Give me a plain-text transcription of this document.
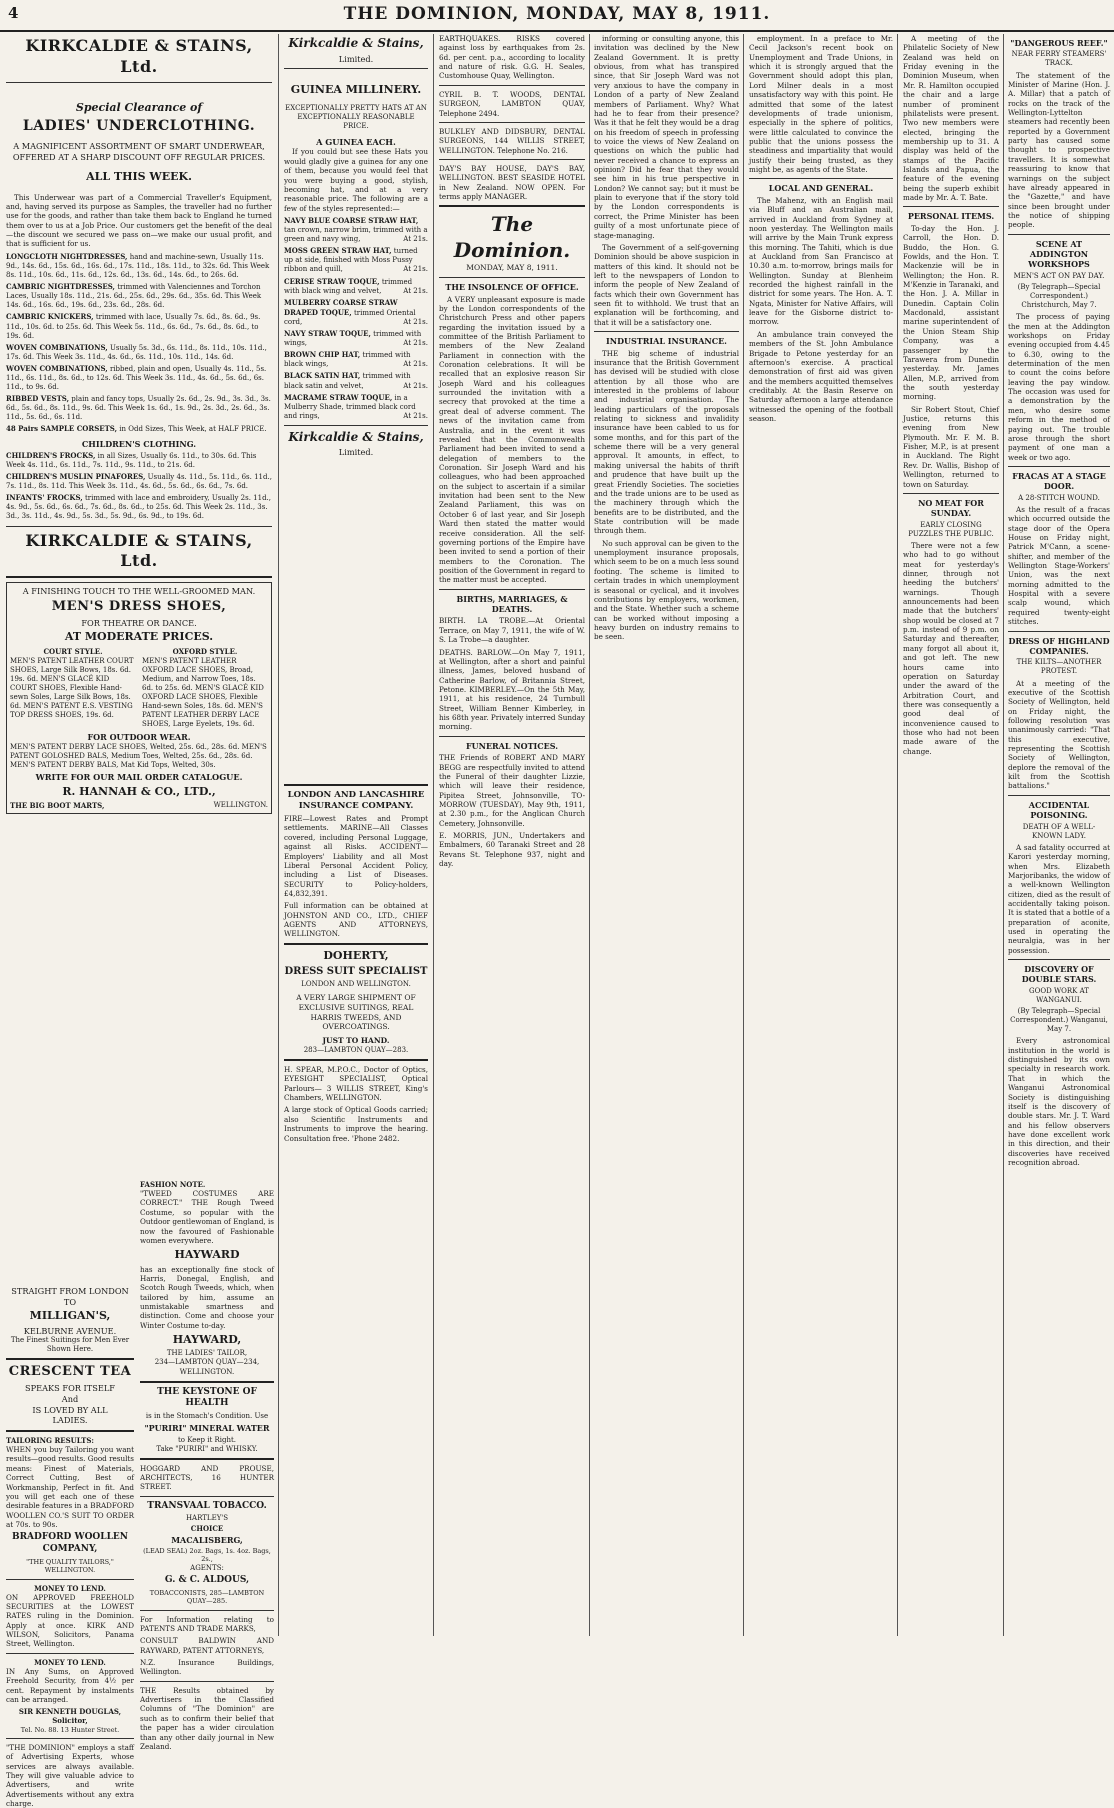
4	THE DOMINION, MONDAY, MAY 8, 1911.
KIRKCALDIE & STAINS, Ltd.
Special Clearance of
LADIES' UNDERCLOTHING.
A MAGNIFICENT ASSORTMENT OF SMART UNDERWEAR, OFFERED AT A SHARP DISCOUNT OFF REGULAR PRICES.
ALL THIS WEEK.

This Underwear was part of a Commercial Traveller's Equipment, and, having served its purpose as Samples, the traveller had no further use for the goods, and rather than take them back to England he turned them over to us at a Job Price. Our customers get the benefit of the deal—the discount we secured we pass on—we make our usual profit, and that is sufficient for us.

LONGCLOTH NIGHTDRESSES, hand and machine-sewn, Usually 11s. 9d., 14s. 6d., 15s. 6d., 16s. 6d., 17s. 11d., 18s. 11d., to 32s. 6d. This Week 8s. 11d., 10s. 6d., 11s. 6d., 12s. 6d., 13s. 6d., 14s. 6d., to 26s. 6d.
CAMBRIC NIGHTDRESSES, trimmed with Valenciennes and Torchon Laces, Usually 18s. 11d., 21s. 6d., 25s. 6d., 29s. 6d., 35s. 6d. This Week 14s. 6d., 16s. 6d., 19s. 6d., 23s. 6d., 28s. 6d.
CAMBRIC KNICKERS, trimmed with lace, Usually 7s. 6d., 8s. 6d., 9s. 11d., 10s. 6d. to 25s. 6d. This Week 5s. 11d., 6s. 6d., 7s. 6d., 8s. 6d., to 19s. 6d.
WOVEN COMBINATIONS, Usually 5s. 3d., 6s. 11d., 8s. 11d., 10s. 11d., 17s. 6d. This Week 3s. 11d., 4s. 6d., 6s. 11d., 10s. 11d., 14s. 6d.
WOVEN COMBINATIONS, ribbed, plain and open, Usually 4s. 11d., 5s. 11d., 6s. 11d., 8s. 6d., to 12s. 6d. This Week 3s. 11d., 4s. 6d., 5s. 6d., 6s. 11d., to 9s. 6d.
RIBBED VESTS, plain and fancy tops, Usually 2s. 6d., 2s. 9d., 3s. 3d., 3s. 6d., 5s. 6d., 8s. 11d., 9s. 6d. This Week 1s. 6d., 1s. 9d., 2s. 3d., 2s. 6d., 3s. 11d., 5s. 6d., 6s. 11d.
48 Pairs SAMPLE CORSETS, in Odd Sizes, This Week, at HALF PRICE.
CHILDREN'S CLOTHING.
CHILDREN'S FROCKS, in all Sizes, Usually 6s. 11d., to 30s. 6d. This Week 4s. 11d., 6s. 11d., 7s. 11d., 9s. 11d., to 21s. 6d.
CHILDREN'S MUSLIN PINAFORES, Usually 4s. 11d., 5s. 11d., 6s. 11d., 7s. 11d., 8s. 11d. This Week 3s. 11d., 4s. 6d., 5s. 6d., 6s. 6d., 7s. 6d.
INFANTS' FROCKS, trimmed with lace and embroidery, Usually 2s. 11d., 4s. 9d., 5s. 6d., 6s. 6d., 7s. 6d., 8s. 6d., to 25s. 6d. This Week 2s. 11d., 3s. 3d., 3s. 11d., 4s. 9d., 5s. 3d., 5s. 9d., 6s. 9d., to 19s. 6d.
KIRKCALDIE & STAINS, Ltd.
A FINISHING TOUCH TO THE WELL-GROOMED MAN.
MEN'S DRESS SHOES,
FOR THEATRE OR DANCE.
AT MODERATE PRICES.
COURT STYLE.
MEN'S PATENT LEATHER COURT SHOES, Large Silk Bows, 18s. 6d. 19s. 6d. MEN'S GLACÉ KID COURT SHOES, Flexible Hand-sewn Soles, Large Silk Bows, 18s. 6d. MEN'S PATENT E.S. VESTING TOP DRESS SHOES, 19s. 6d.
OXFORD STYLE.
MEN'S PATENT LEATHER OXFORD LACE SHOES, Broad, Medium, and Narrow Toes, 18s. 6d. to 25s. 6d. MEN'S GLACÉ KID OXFORD LACE SHOES, Flexible Hand-sewn Soles, 18s. 6d. MEN'S PATENT LEATHER DERBY LACE SHOES, Large Eyelets, 19s. 6d.
FOR OUTDOOR WEAR.
MEN'S PATENT DERBY LACE SHOES, Welted, 25s. 6d., 28s. 6d. MEN'S PATENT GOLOSHED BALS, Medium Toes, Welted, 25s. 6d., 28s. 6d. MEN'S PATENT DERBY BALS, Mat Kid Tops, Welted, 30s.
WRITE FOR OUR MAIL ORDER CATALOGUE.
R. HANNAH & CO., LTD.,
THE BIG BOOT MARTS,	WELLINGTON.
STRAIGHT FROM LONDON
TO
MILLIGAN'S,
KELBURNE AVENUE.
The Finest Suitings for Men Ever Shown Here.
CRESCENT TEA
SPEAKS FOR ITSELF
And
IS LOVED BY ALL
LADIES.
TAILORING RESULTS:

WHEN you buy Tailoring you want results—good results. Good results means: Finest of Materials, Correct Cutting, Best of Workmanship, Perfect in fit. And you will get each one of these desirable features in a BRADFORD WOOLLEN CO.'S SUIT TO ORDER at 70s. to 90s.

BRADFORD WOOLLEN COMPANY,
"THE QUALITY TAILORS," WELLINGTON.
MONEY TO LEND.

ON APPROVED FREEHOLD SECURITIES at the LOWEST RATES ruling in the Dominion. Apply at once. KIRK AND WILSON, Solicitors, Panama Street, Wellington.

MONEY TO LEND.

IN Any Sums, on Approved Freehold Security, from 4½ per cent. Repayment by instalments can be arranged.

SIR KENNETH DOUGLAS, Solicitor,
Tel. No. 88. 13 Hunter Street.

"THE DOMINION" employs a staff of Advertising Experts, whose services are always available. They will give valuable advice to Advertisers, and write Advertisements without any extra charge.

FASHION NOTE.

"TWEED COSTUMES ARE CORRECT." THE Rough Tweed Costume, so popular with the Outdoor gentlewoman of England, is now the favoured of Fashionable women everywhere.

HAYWARD

has an exceptionally fine stock of Harris, Donegal, English, and Scotch Rough Tweeds, which, when tailored by him, assume an unmistakable smartness and distinction. Come and choose your Winter Costume to-day.

HAYWARD,
THE LADIES' TAILOR,
234—LAMBTON QUAY—234, WELLINGTON.
THE KEYSTONE OF HEALTH
is in the Stomach's Condition. Use
"PURIRI" MINERAL WATER
to Keep it Right.
Take "PURIRI" and WHISKY.

HOGGARD AND PROUSE, ARCHITECTS, 16 HUNTER STREET.

TRANSVAAL TOBACCO.
HARTLEY'S
CHOICE
MACALISBERG,
(LEAD SEAL) 2oz. Bags, 1s. 4oz. Bags, 2s.,
AGENTS:
G. & C. ALDOUS,
TOBACCONISTS, 285—LAMBTON QUAY—285.

For Information relating to PATENTS AND TRADE MARKS,

CONSULT BALDWIN AND RAYWARD, PATENT ATTORNEYS,

N.Z. Insurance Buildings, Wellington.

THE Results obtained by Advertisers in the Classified Columns of "The Dominion" are such as to confirm their belief that the paper has a wider circulation than any other daily journal in New Zealand.

Kirkcaldie & Stains,
Limited.
GUINEA MILLINERY.
EXCEPTIONALLY PRETTY HATS AT AN EXCEPTIONALLY REASONABLE PRICE.
A GUINEA EACH.

If you could but see these Hats you would gladly give a guinea for any one of them, because you would feel that you were buying a good, stylish, becoming hat, and at a very reasonable price. The following are a few of the styles represented:—

NAVY BLUE COARSE STRAW HAT, tan crown, narrow brim, trimmed with a green and navy wing,	At 21s.
MOSS GREEN STRAW HAT, turned up at side, finished with Moss Pussy ribbon and quill,	At 21s.
CERISE STRAW TOQUE, trimmed with black wing and velvet,	At 21s.
MULBERRY COARSE STRAW DRAPED TOQUE, trimmed Oriental cord,	At 21s.
NAVY STRAW TOQUE, trimmed with wings,	At 21s.
BROWN CHIP HAT, trimmed with black wings,	At 21s.
BLACK SATIN HAT, trimmed with black satin and velvet,	At 21s.
MACRAME STRAW TOQUE, in a Mulberry Shade, trimmed black cord and rings,	At 21s.
Kirkcaldie & Stains,
Limited.
LONDON AND LANCASHIRE INSURANCE COMPANY.

FIRE—Lowest Rates and Prompt settlements. MARINE—All Classes covered, including Personal Luggage, against all Risks. ACCIDENT—Employers' Liability and all Most Liberal Personal Accident Policy, including a List of Diseases. SECURITY to Policy-holders, £4,832,391.

Full information can be obtained at JOHNSTON AND CO., LTD., CHIEF AGENTS AND ATTORNEYS, WELLINGTON.

DOHERTY,
DRESS SUIT SPECIALIST
LONDON AND WELLINGTON.
A VERY LARGE SHIPMENT OF EXCLUSIVE SUITINGS, REAL HARRIS TWEEDS, AND OVERCOATINGS.
JUST TO HAND.
283—LAMBTON QUAY—283.

H. SPEAR, M.P.O.C., Doctor of Optics, EYESIGHT SPECIALIST, Optical Parlours— 3 WILLIS STREET, King's Chambers, WELLINGTON.

A large stock of Optical Goods carried; also Scientific Instruments and Instruments to improve the hearing. Consultation free. 'Phone 2482.

EARTHQUAKES. RISKS covered against loss by earthquakes from 2s. 6d. per cent. p.a., according to locality and nature of risk. G.G. H. Seales, Customhouse Quay, Wellington.

CYRIL B. T. WOODS, DENTAL SURGEON, LAMBTON QUAY, Telephone 2494.

BULKLEY AND DIDSBURY, DENTAL SURGEONS, 144 WILLIS STREET, WELLINGTON. Telephone No. 216.

DAY'S BAY HOUSE, DAY'S BAY, WELLINGTON. BEST SEASIDE HOTEL in New Zealand. NOW OPEN. For terms apply MANAGER.

The Dominion.
MONDAY, MAY 8, 1911.
THE INSOLENCE OF OFFICE.

A VERY unpleasant exposure is made by the London correspondents of the Christchurch Press and other papers regarding the invitation issued by a committee of the British Parliament to members of the New Zealand Parliament in connection with the Coronation celebrations. It will be recalled that an explosive reason Sir Joseph Ward and his colleagues surrounded the invitation with a secrecy that provoked at the time a great deal of adverse comment. The news of the invitation came from Australia, and in the event it was revealed that the Commonwealth Parliament had been invited to send a delegation of members to the Coronation. Sir Joseph Ward and his colleagues, who had been approached on the subject to ascertain if a similar invitation had been sent to the New Zealand Parliament, this was on October 6 of last year, and Sir Joseph Ward then stated the matter would receive consideration. All the self-governing portions of the Empire have been invited to send a portion of their members to the Coronation. The position of the Government in regard to the matter must be accepted.

BIRTHS, MARRIAGES, & DEATHS.

BIRTH. LA TROBE.—At Oriental Terrace, on May 7, 1911, the wife of W. S. La Trobe—a daughter.

DEATHS. BARLOW.—On May 7, 1911, at Wellington, after a short and painful illness, James, beloved husband of Catherine Barlow, of Britannia Street, Petone. KIMBERLEY.—On the 5th May, 1911, at his residence, 24 Turnbull Street, William Benner Kimberley, in his 68th year. Privately interred Sunday morning.

FUNERAL NOTICES.

THE Friends of ROBERT AND MARY BEGG are respectfully invited to attend the Funeral of their daughter Lizzie, which will leave their residence, Pipitea Street, Johnsonville, TO-MORROW (TUESDAY), May 9th, 1911, at 2.30 p.m., for the Anglican Church Cemetery, Johnsonville.

E. MORRIS, JUN., Undertakers and Embalmers, 60 Taranaki Street and 28 Revans St. Telephone 937, night and day.

informing or consulting anyone, this invitation was declined by the New Zealand Government. It is pretty obvious, from what has transpired since, that Sir Joseph Ward was not very anxious to have the company in London of a party of New Zealand members of Parliament. Why? What had he to fear from their presence? Was it that he felt they would be a drag on his freedom of speech in professing to voice the views of New Zealand on questions on which the public had never received a chance to express an opinion? Did he fear that they would see him in his true perspective in London? We cannot say; but it must be plain to everyone that if the story told by the London correspondents is correct, the Prime Minister has been guilty of a most unfortunate piece of stage-managing.

The Government of a self-governing Dominion should be above suspicion in matters of this kind. It should not be left to the newspapers of London to inform the people of New Zealand of facts which their own Government has seen fit to withhold. We trust that an explanation will be forthcoming, and that it will be a satisfactory one.

INDUSTRIAL INSURANCE.

THE big scheme of industrial insurance that the British Government has devised will be studied with close attention by all those who are interested in the problems of labour and industrial organisation. The leading particulars of the proposals relating to sickness and invalidity insurance have been cabled to us for some months, and for this part of the scheme there will be a very general approval. It amounts, in effect, to making universal the habits of thrift and prudence that have built up the great Friendly Societies. The societies and the trade unions are to be used as the machinery through which the benefits are to be distributed, and the State contribution will be made through them.

No such approval can be given to the unemployment insurance proposals, which seem to be on a much less sound footing. The scheme is limited to certain trades in which unemployment is seasonal or cyclical, and it involves contributions by employers, workmen, and the State. Whether such a scheme can be worked without imposing a heavy burden on industry remains to be seen.

employment. In a preface to Mr. Cecil Jackson's recent book on Unemployment and Trade Unions, in which it is strongly argued that the Government should adopt this plan, Lord Milner deals in a most unsatisfactory way with this point. He admitted that some of the latest developments of trade unionism, especially in the sphere of politics, were little calculated to convince the public that the unions possess the steadiness and impartiality that would justify their being trusted, as they might be, as agents of the State.

LOCAL AND GENERAL.

The Mahenz, with an English mail via Bluff and an Australian mail, arrived in Auckland from Sydney at noon yesterday. The Wellington mails will arrive by the Main Trunk express this morning. The Tahiti, which is due at Auckland from San Francisco at 10.30 a.m. to-morrow, brings mails for Wellington. Sunday at Blenheim recorded the highest rainfall in the district for some years. The Hon. A. T. Ngata, Minister for Native Affairs, will leave for the Gisborne district to-morrow.

An ambulance train conveyed the members of the St. John Ambulance Brigade to Petone yesterday for an afternoon's exercise. A practical demonstration of first aid was given and the members acquitted themselves creditably. At the Basin Reserve on Saturday afternoon a large attendance witnessed the opening of the football season.

A meeting of the Philatelic Society of New Zealand was held on Friday evening in the Dominion Museum, when Mr. R. Hamilton occupied the chair and a large number of prominent philatelists were present. Two new members were elected, bringing the membership up to 31. A display was held of the stamps of the Pacific Islands and Papua, the feature of the evening being the superb exhibit made by Mr. A. T. Bate.

PERSONAL ITEMS.

To-day the Hon. J. Carroll, the Hon. D. Buddo, the Hon. G. Fowlds, and the Hon. T. Mackenzie will be in Wellington; the Hon. R. M'Kenzie in Taranaki, and the Hon. J. A. Millar in Dunedin. Captain Colin Macdonald, assistant marine superintendent of the Union Steam Ship Company, was a passenger by the Tarawera from Dunedin yesterday. Mr. James Allen, M.P., arrived from the south yesterday morning.

Sir Robert Stout, Chief Justice, returns this evening from New Plymouth. Mr. F. M. B. Fisher, M.P., is at present in Auckland. The Right Rev. Dr. Wallis, Bishop of Wellington, returned to town on Saturday.

NO MEAT FOR SUNDAY.
EARLY CLOSING PUZZLES THE PUBLIC.

There were not a few who had to go without meat for yesterday's dinner, through not heeding the butchers' warnings. Though announcements had been made that the butchers' shop would be closed at 7 p.m. instead of 9 p.m. on Saturday and thereafter, many forgot all about it, and got left. The new hours came into operation on Saturday under the award of the Arbitration Court, and there was consequently a good deal of inconvenience caused to those who had not been made aware of the change.

"DANGEROUS REEF."
NEAR FERRY STEAMERS' TRACK.

The statement of the Minister of Marine (Hon. J. A. Millar) that a patch of rocks on the track of the Wellington-Lyttelton steamers had recently been reported by a Government party has caused some thought to prospective travellers. It is somewhat reassuring to know that warnings on the subject have already appeared in the "Gazette," and have since been brought under the notice of shipping people.

SCENE AT ADDINGTON WORKSHOPS
MEN'S ACT ON PAY DAY.
(By Telegraph—Special Correspondent.) Christchurch, May 7.

The process of paying the men at the Addington workshops on Friday evening occupied from 4.45 to 6.30, owing to the determination of the men to count the coins before leaving the pay window. The occasion was used for a demonstration by the men, who desire some reform in the method of paying out. The trouble arose through the short payment of one man a week or two ago.

FRACAS AT A STAGE DOOR.
A 28-STITCH WOUND.

As the result of a fracas which occurred outside the stage door of the Opera House on Friday night, Patrick M'Cann, a scene-shifter, and member of the Wellington Stage-Workers' Union, was the next morning admitted to the Hospital with a severe scalp wound, which required twenty-eight stitches.

DRESS OF HIGHLAND COMPANIES.
THE KILTS—ANOTHER PROTEST.

At a meeting of the executive of the Scottish Society of Wellington, held on Friday night, the following resolution was unanimously carried: "That this executive, representing the Scottish Society of Wellington, deplore the removal of the kilt from the Scottish battalions."

ACCIDENTAL POISONING.
DEATH OF A WELL-KNOWN LADY.

A sad fatality occurred at Karori yesterday morning, when Mrs. Elizabeth Marjoribanks, the widow of a well-known Wellington citizen, died as the result of accidentally taking poison. It is stated that a bottle of a preparation of aconite, used in operating the neuralgia, was in her possession.

DISCOVERY OF DOUBLE STARS.
GOOD WORK AT WANGANUI.
(By Telegraph—Special Correspondent.) Wanganui, May 7.

Every astronomical institution in the world is distinguished by its own specialty in research work. That in which the Wanganui Astronomical Society is distinguishing itself is the discovery of double stars. Mr. J. T. Ward and his fellow observers have done excellent work in this direction, and their discoveries have received recognition abroad.
